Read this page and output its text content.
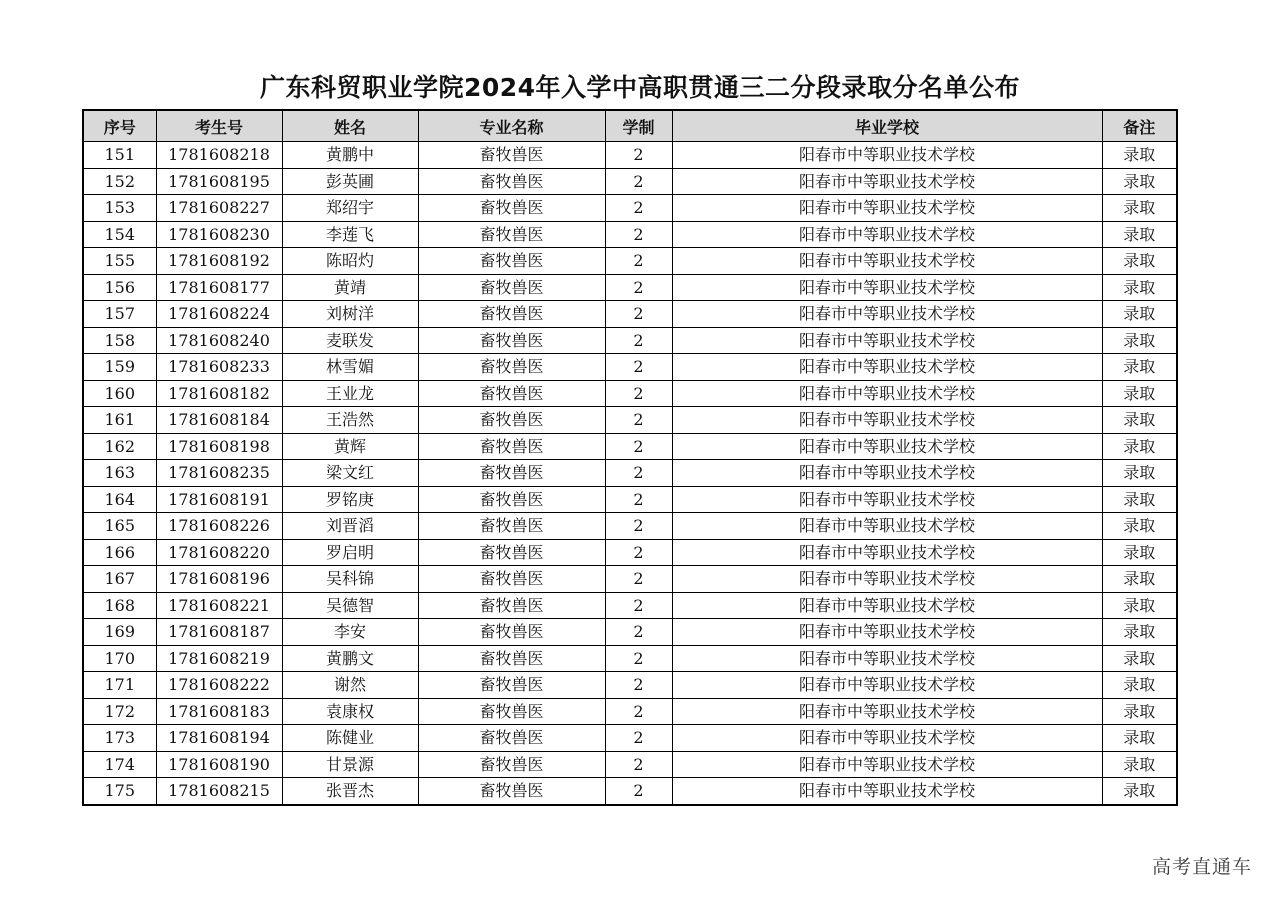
广东科贸职业学院2024年入学中高职贯通三二分段录取分名单公布
序号	考生号	姓名	专业名称	学制	毕业学校	备注
151	1781608218	黄鹏中	畜牧兽医	2	阳春市中等职业技术学校	录取
152	1781608195	彭英圃	畜牧兽医	2	阳春市中等职业技术学校	录取
153	1781608227	郑绍宇	畜牧兽医	2	阳春市中等职业技术学校	录取
154	1781608230	李莲飞	畜牧兽医	2	阳春市中等职业技术学校	录取
155	1781608192	陈昭灼	畜牧兽医	2	阳春市中等职业技术学校	录取
156	1781608177	黄靖	畜牧兽医	2	阳春市中等职业技术学校	录取
157	1781608224	刘树洋	畜牧兽医	2	阳春市中等职业技术学校	录取
158	1781608240	麦联发	畜牧兽医	2	阳春市中等职业技术学校	录取
159	1781608233	林雪媚	畜牧兽医	2	阳春市中等职业技术学校	录取
160	1781608182	王业龙	畜牧兽医	2	阳春市中等职业技术学校	录取
161	1781608184	王浩然	畜牧兽医	2	阳春市中等职业技术学校	录取
162	1781608198	黄辉	畜牧兽医	2	阳春市中等职业技术学校	录取
163	1781608235	梁文红	畜牧兽医	2	阳春市中等职业技术学校	录取
164	1781608191	罗铭庚	畜牧兽医	2	阳春市中等职业技术学校	录取
165	1781608226	刘晋滔	畜牧兽医	2	阳春市中等职业技术学校	录取
166	1781608220	罗启明	畜牧兽医	2	阳春市中等职业技术学校	录取
167	1781608196	吴科锦	畜牧兽医	2	阳春市中等职业技术学校	录取
168	1781608221	吴德智	畜牧兽医	2	阳春市中等职业技术学校	录取
169	1781608187	李安	畜牧兽医	2	阳春市中等职业技术学校	录取
170	1781608219	黄鹏文	畜牧兽医	2	阳春市中等职业技术学校	录取
171	1781608222	谢然	畜牧兽医	2	阳春市中等职业技术学校	录取
172	1781608183	袁康权	畜牧兽医	2	阳春市中等职业技术学校	录取
173	1781608194	陈健业	畜牧兽医	2	阳春市中等职业技术学校	录取
174	1781608190	甘景源	畜牧兽医	2	阳春市中等职业技术学校	录取
175	1781608215	张晋杰	畜牧兽医	2	阳春市中等职业技术学校	录取
高考直通车
